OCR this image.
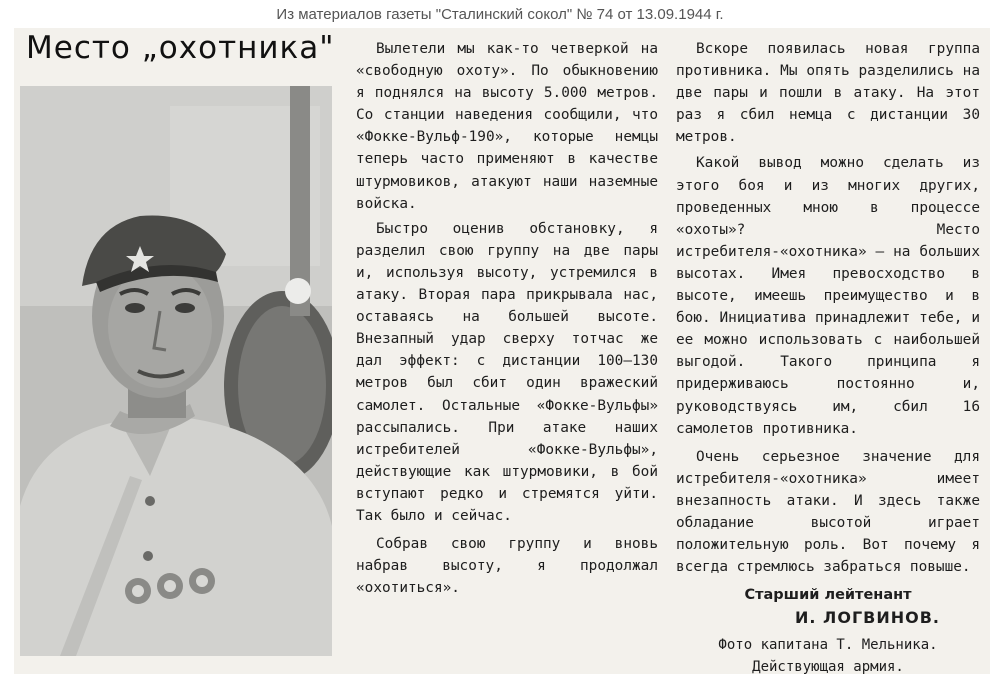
Из материалов газеты "Сталинский сокол" № 74 от 13.09.1944 г.
Место „охотника"	Вылетели мы как-то четверкой на «свободную охоту». По обыкновению я поднялся на высоту 5.000 метров. Со станции наведения сообщили, что «Фокке-Вульф-190», которые немцы теперь часто применяют в качестве штурмовиков, атакуют наши наземные войска.

Быстро оценив обстановку, я разделил свою группу на две пары и, используя высоту, устремился в атаку. Вторая пара прикрывала нас, оставаясь на большей высоте. Внезапный удар сверху тотчас же дал эффект: с дистанции 100—130 метров был сбит один вражеский самолет. Остальные «Фокке-Вульфы» рассыпались. При атаке наших истребителей «Фокке-Вульфы», действующие как штурмовики, в бой вступают редко и стремятся уйти. Так было и сейчас.

Собрав свою группу и вновь набрав высоту, я продолжал «охотиться».

Вскоре появилась новая группа противника. Мы опять разделились на две пары и пошли в атаку. На этот раз я сбил немца с дистанции 30 метров.

Какой вывод можно сделать из этого боя и из многих других, проведенных мною в процессе «охоты»? Место истребителя-«охотника» — на больших высотах. Имея превосходство в высоте, имеешь преимущество и в бою. Инициатива принадлежит тебе, и ее можно использовать с наибольшей выгодой. Такого принципа я придерживаюсь постоянно и, руководствуясь им, сбил 16 самолетов противника.

Очень серьезное значение для истребителя-«охотника» имеет внезапность атаки. И здесь также обладание высотой играет положительную роль. Вот почему я всегда стремлюсь забраться повыше.

Старший лейтенант

И. ЛОГВИНОВ.

Фото капитана Т. Мельника.

Действующая армия.
